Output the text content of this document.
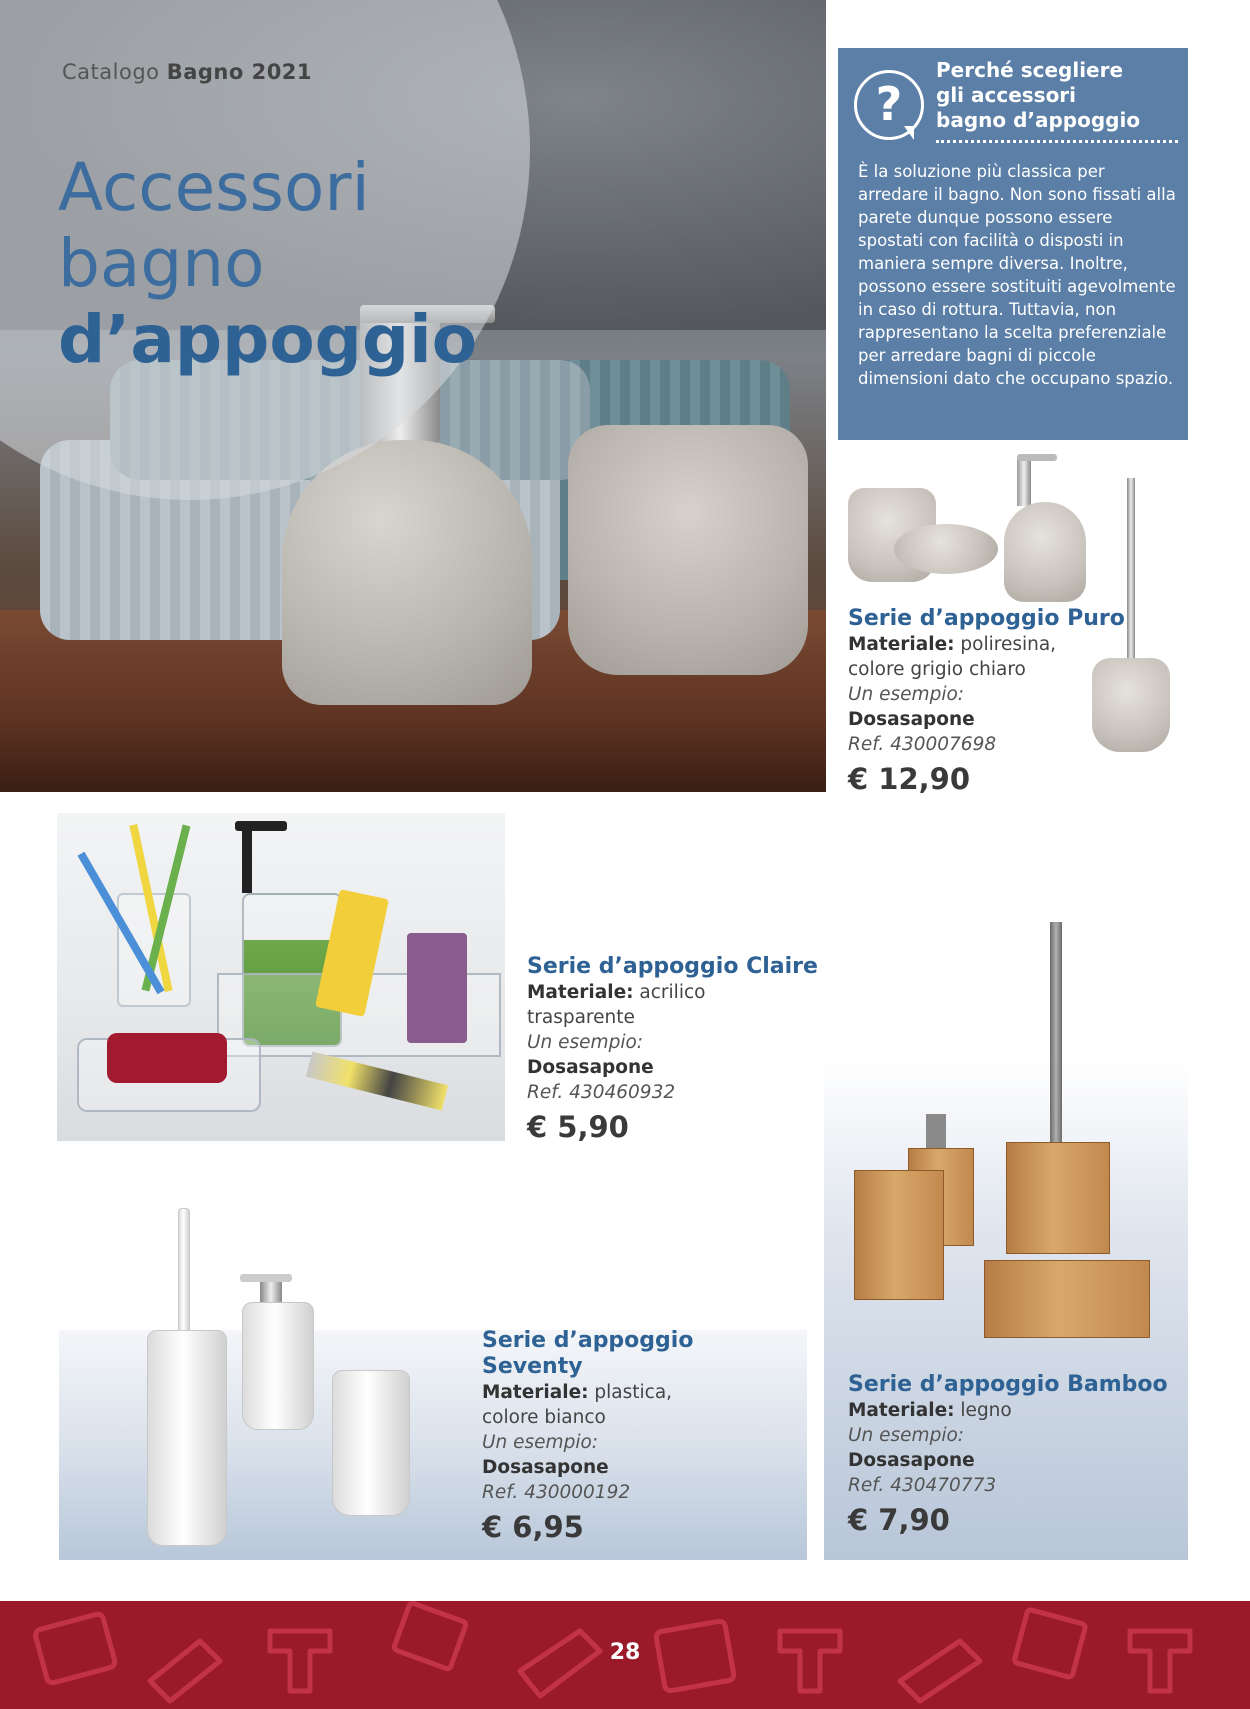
Catalogo Bagno 2021
Accessori
bagno
d’appoggio
?
Perché scegliere
gli accessori
bagno d’appoggio
È la soluzione più classica per arredare il bagno. Non sono fissati alla parete dunque possono essere spostati con facilità o disposti in maniera sempre diversa. Inoltre, possono essere sostituiti agevolmente in caso di rottura. Tuttavia, non rappresentano la scelta preferenziale per arredare bagni di piccole dimensioni dato che occupano spazio.
Serie d’appoggio Puro
Materiale: poliresina,
colore grigio chiaro
Un esempio:
Dosasapone
Ref. 430007698
€ 12,90
Serie d’appoggio Claire
Materiale: acrilico
trasparente
Un esempio:
Dosasapone
Ref. 430460932
€ 5,90
Serie d’appoggio Bamboo
Materiale: legno
Un esempio:
Dosasapone
Ref. 430470773
€ 7,90
Serie d’appoggio
Seventy
Materiale: plastica,
colore bianco
Un esempio:
Dosasapone
Ref. 430000192
€ 6,95
28
